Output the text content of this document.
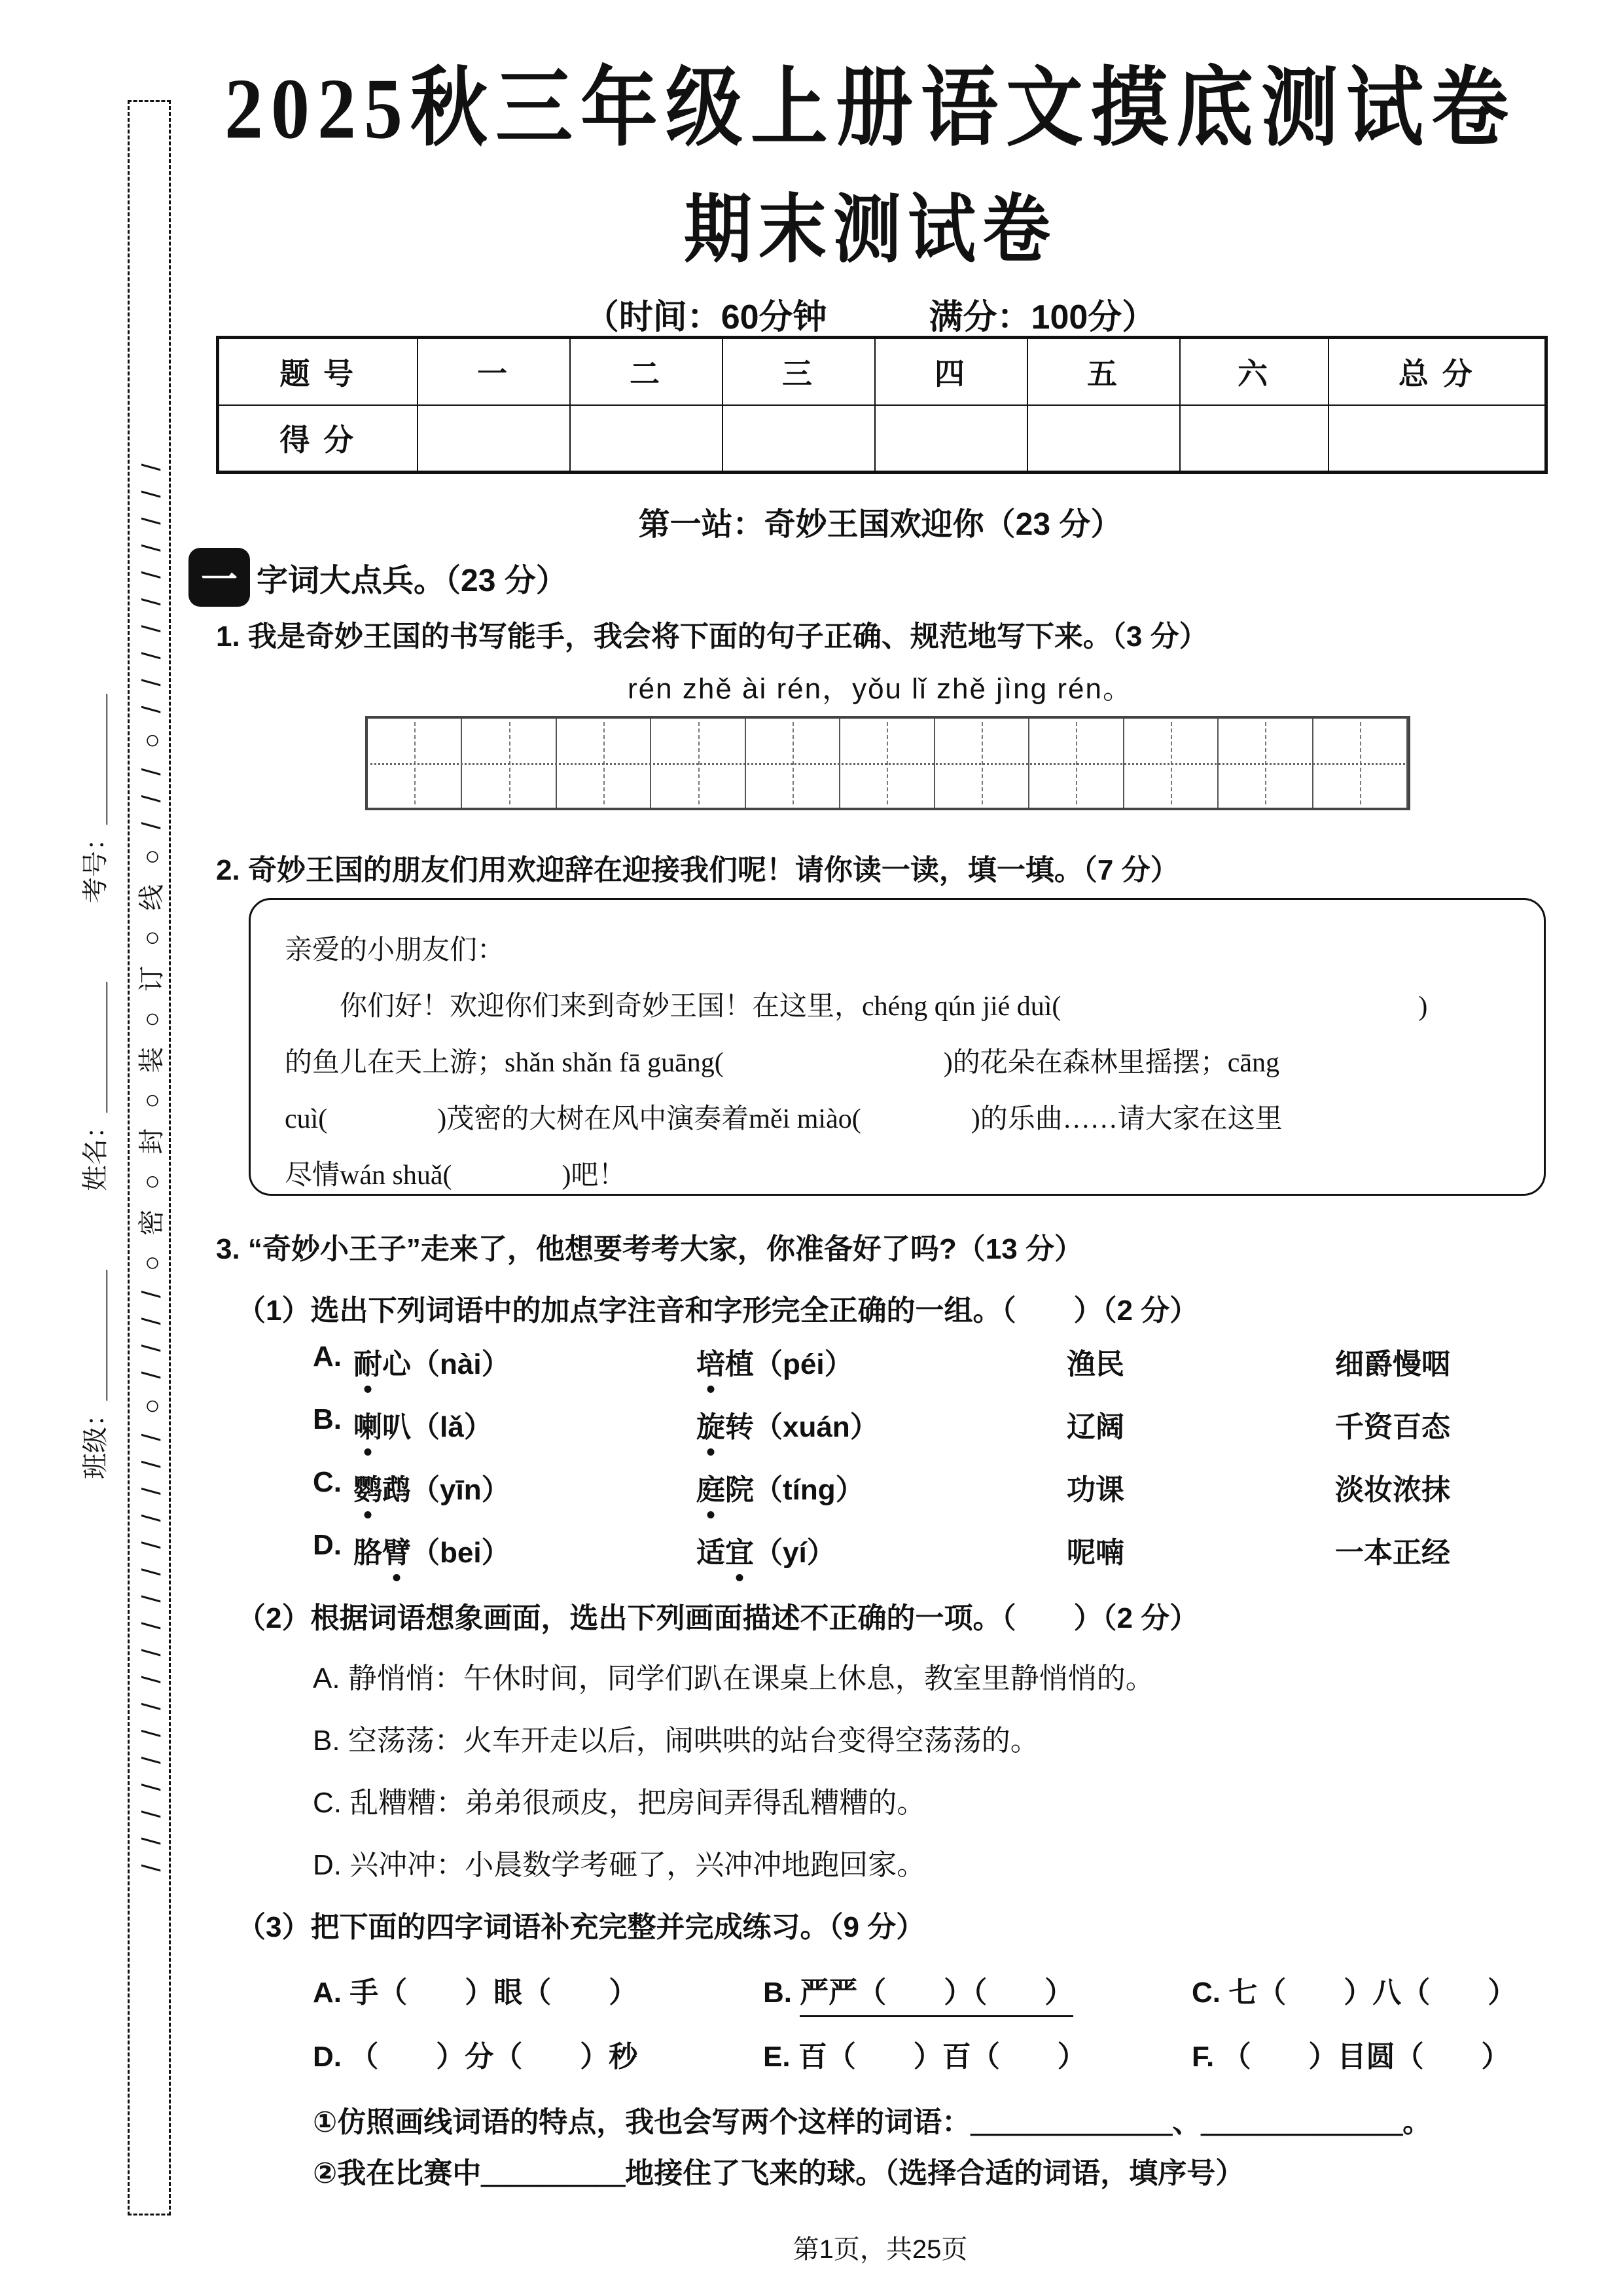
班级：＿＿＿＿＿　　　姓名：＿＿＿＿＿　　　考号：＿＿＿＿＿ /////////////////○////○密○封○装○订○线○///○//////////
2025秋三年级上册语文摸底测试卷
期末测试卷
（时间：60分钟　　　满分：100分）
题 号	一	二	三	四	五	六	总 分
得 分							
第一站：奇妙王国欢迎你（23 分）
一 字词大点兵。（23 分）
1. 我是奇妙王国的书写能手，我会将下面的句子正确、规范地写下来。（3 分）
rén zhě ài rén，yǒu lǐ zhě jìng rén。
2. 奇妙王国的朋友们用欢迎辞在迎接我们呢！请你读一读，填一填。（7 分）
亲爱的小朋友们：
　　你们好！欢迎你们来到奇妙王国！在这里，chéng qún jié duì(　　　　　　　　　　　　　)
的鱼儿在天上游；shǎn shǎn fā guāng(　　　　　　　　)的花朵在森林里摇摆；cāng
cuì(　　　　)茂密的大树在风中演奏着měi miào(　　　　)的乐曲……请大家在这里
尽情wán shuǎ(　　　　)吧！
3. “奇妙小王子”走来了，他想要考考大家，你准备好了吗?（13 分）
（1）选出下列词语中的加点字注音和字形完全正确的一组。（　　）（2 分）
A. 耐心（nài）	培植（péi）	渔民	细爵慢咽
B. 喇叭（lǎ）	旋转（xuán）	辽阔	千资百态
C. 鹦鹉（yīn）	庭院（tíng）	功课	淡妆浓抹
D. 胳臂（bei）	适宜（yí）	呢喃	一本正经
（2）根据词语想象画面，选出下列画面描述不正确的一项。（　　）（2 分）
A. 静悄悄：午休时间，同学们趴在课桌上休息，教室里静悄悄的。
B. 空荡荡：火车开走以后，闹哄哄的站台变得空荡荡的。
C. 乱糟糟：弟弟很顽皮，把房间弄得乱糟糟的。
D. 兴冲冲：小晨数学考砸了，兴冲冲地跑回家。
（3）把下面的四字词语补充完整并完成练习。（9 分）
A. 手（　　）眼（　　）	B. 严严（　　）（　　）	C. 七（　　）八（　　）
D. （　　）分（　　）秒	E. 百（　　）百（　　）	F. （　　）目圆（　　）
①仿照画线词语的特点，我也会写两个这样的词语：＿＿＿＿＿＿＿、＿＿＿＿＿＿＿。
②我在比赛中＿＿＿＿＿地接住了飞来的球。（选择合适的词语，填序号）
第1页，共25页
